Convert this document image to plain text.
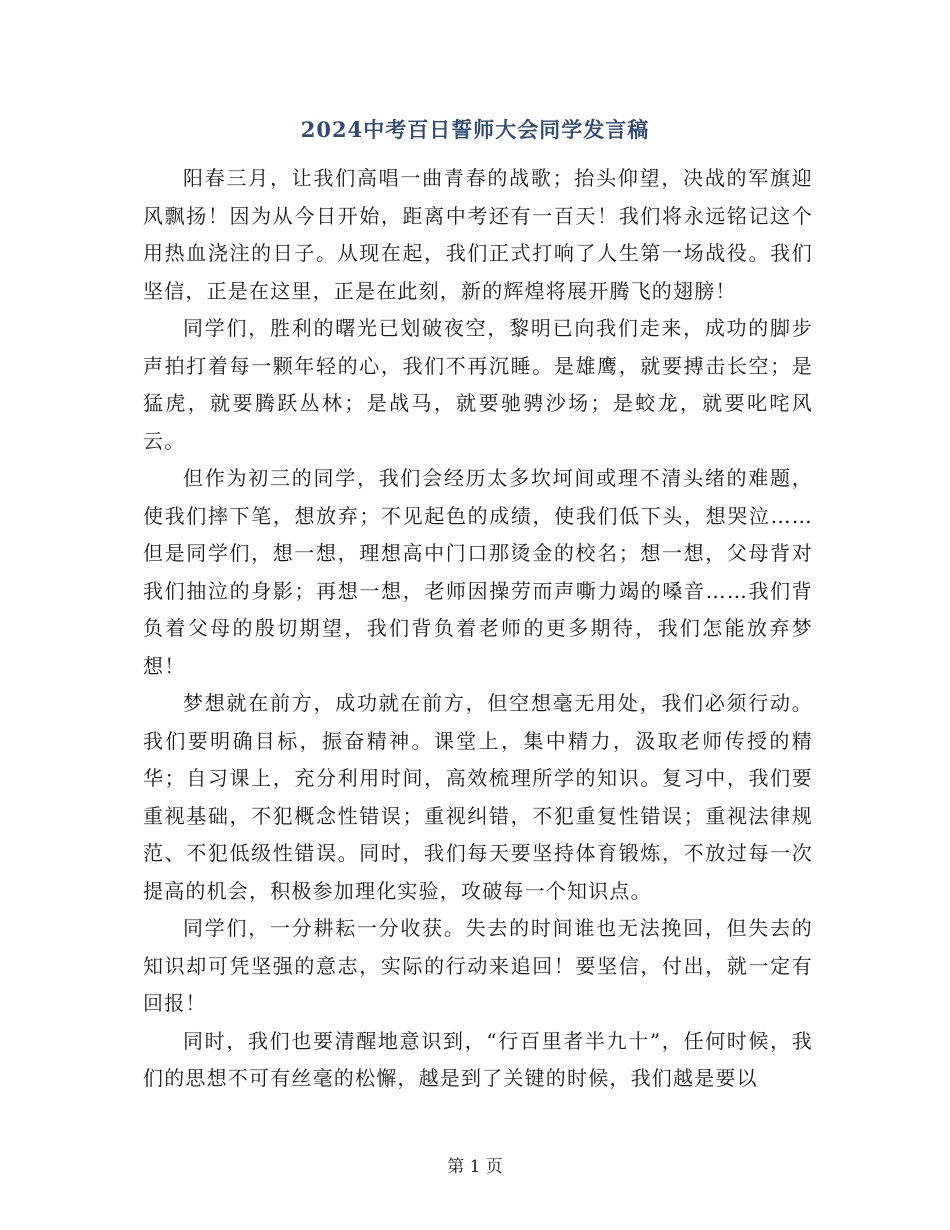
2024中考百日誓师大会同学发言稿

阳春三月，让我们高唱一曲青春的战歌；抬头仰望，决战的军旗迎风飘扬！因为从今日开始，距离中考还有一百天！我们将永远铭记这个用热血浇注的日子。从现在起，我们正式打响了人生第一场战役。我们坚信，正是在这里，正是在此刻，新的辉煌将展开腾飞的翅膀！

同学们，胜利的曙光已划破夜空，黎明已向我们走来，成功的脚步声拍打着每一颗年轻的心，我们不再沉睡。是雄鹰，就要搏击长空；是猛虎，就要腾跃丛林；是战马，就要驰骋沙场；是蛟龙，就要叱咤风云。

但作为初三的同学，我们会经历太多坎坷间或理不清头绪的难题，使我们摔下笔，想放弃；不见起色的成绩，使我们低下头，想哭泣……但是同学们，想一想，理想高中门口那烫金的校名；想一想，父母背对我们抽泣的身影；再想一想，老师因操劳而声嘶力竭的嗓音……我们背负着父母的殷切期望，我们背负着老师的更多期待，我们怎能放弃梦想！

梦想就在前方，成功就在前方，但空想毫无用处，我们必须行动。我们要明确目标，振奋精神。课堂上，集中精力，汲取老师传授的精华；自习课上，充分利用时间，高效梳理所学的知识。复习中，我们要重视基础，不犯概念性错误；重视纠错，不犯重复性错误；重视法律规范、不犯低级性错误。同时，我们每天要坚持体育锻炼，不放过每一次提高的机会，积极参加理化实验，攻破每一个知识点。

同学们，一分耕耘一分收获。失去的时间谁也无法挽回，但失去的知识却可凭坚强的意志，实际的行动来追回！要坚信，付出，就一定有回报！

同时，我们也要清醒地意识到，“行百里者半九十”，任何时候，我们的思想不可有丝毫的松懈，越是到了关键的时候，我们越是要以

第 1 页
